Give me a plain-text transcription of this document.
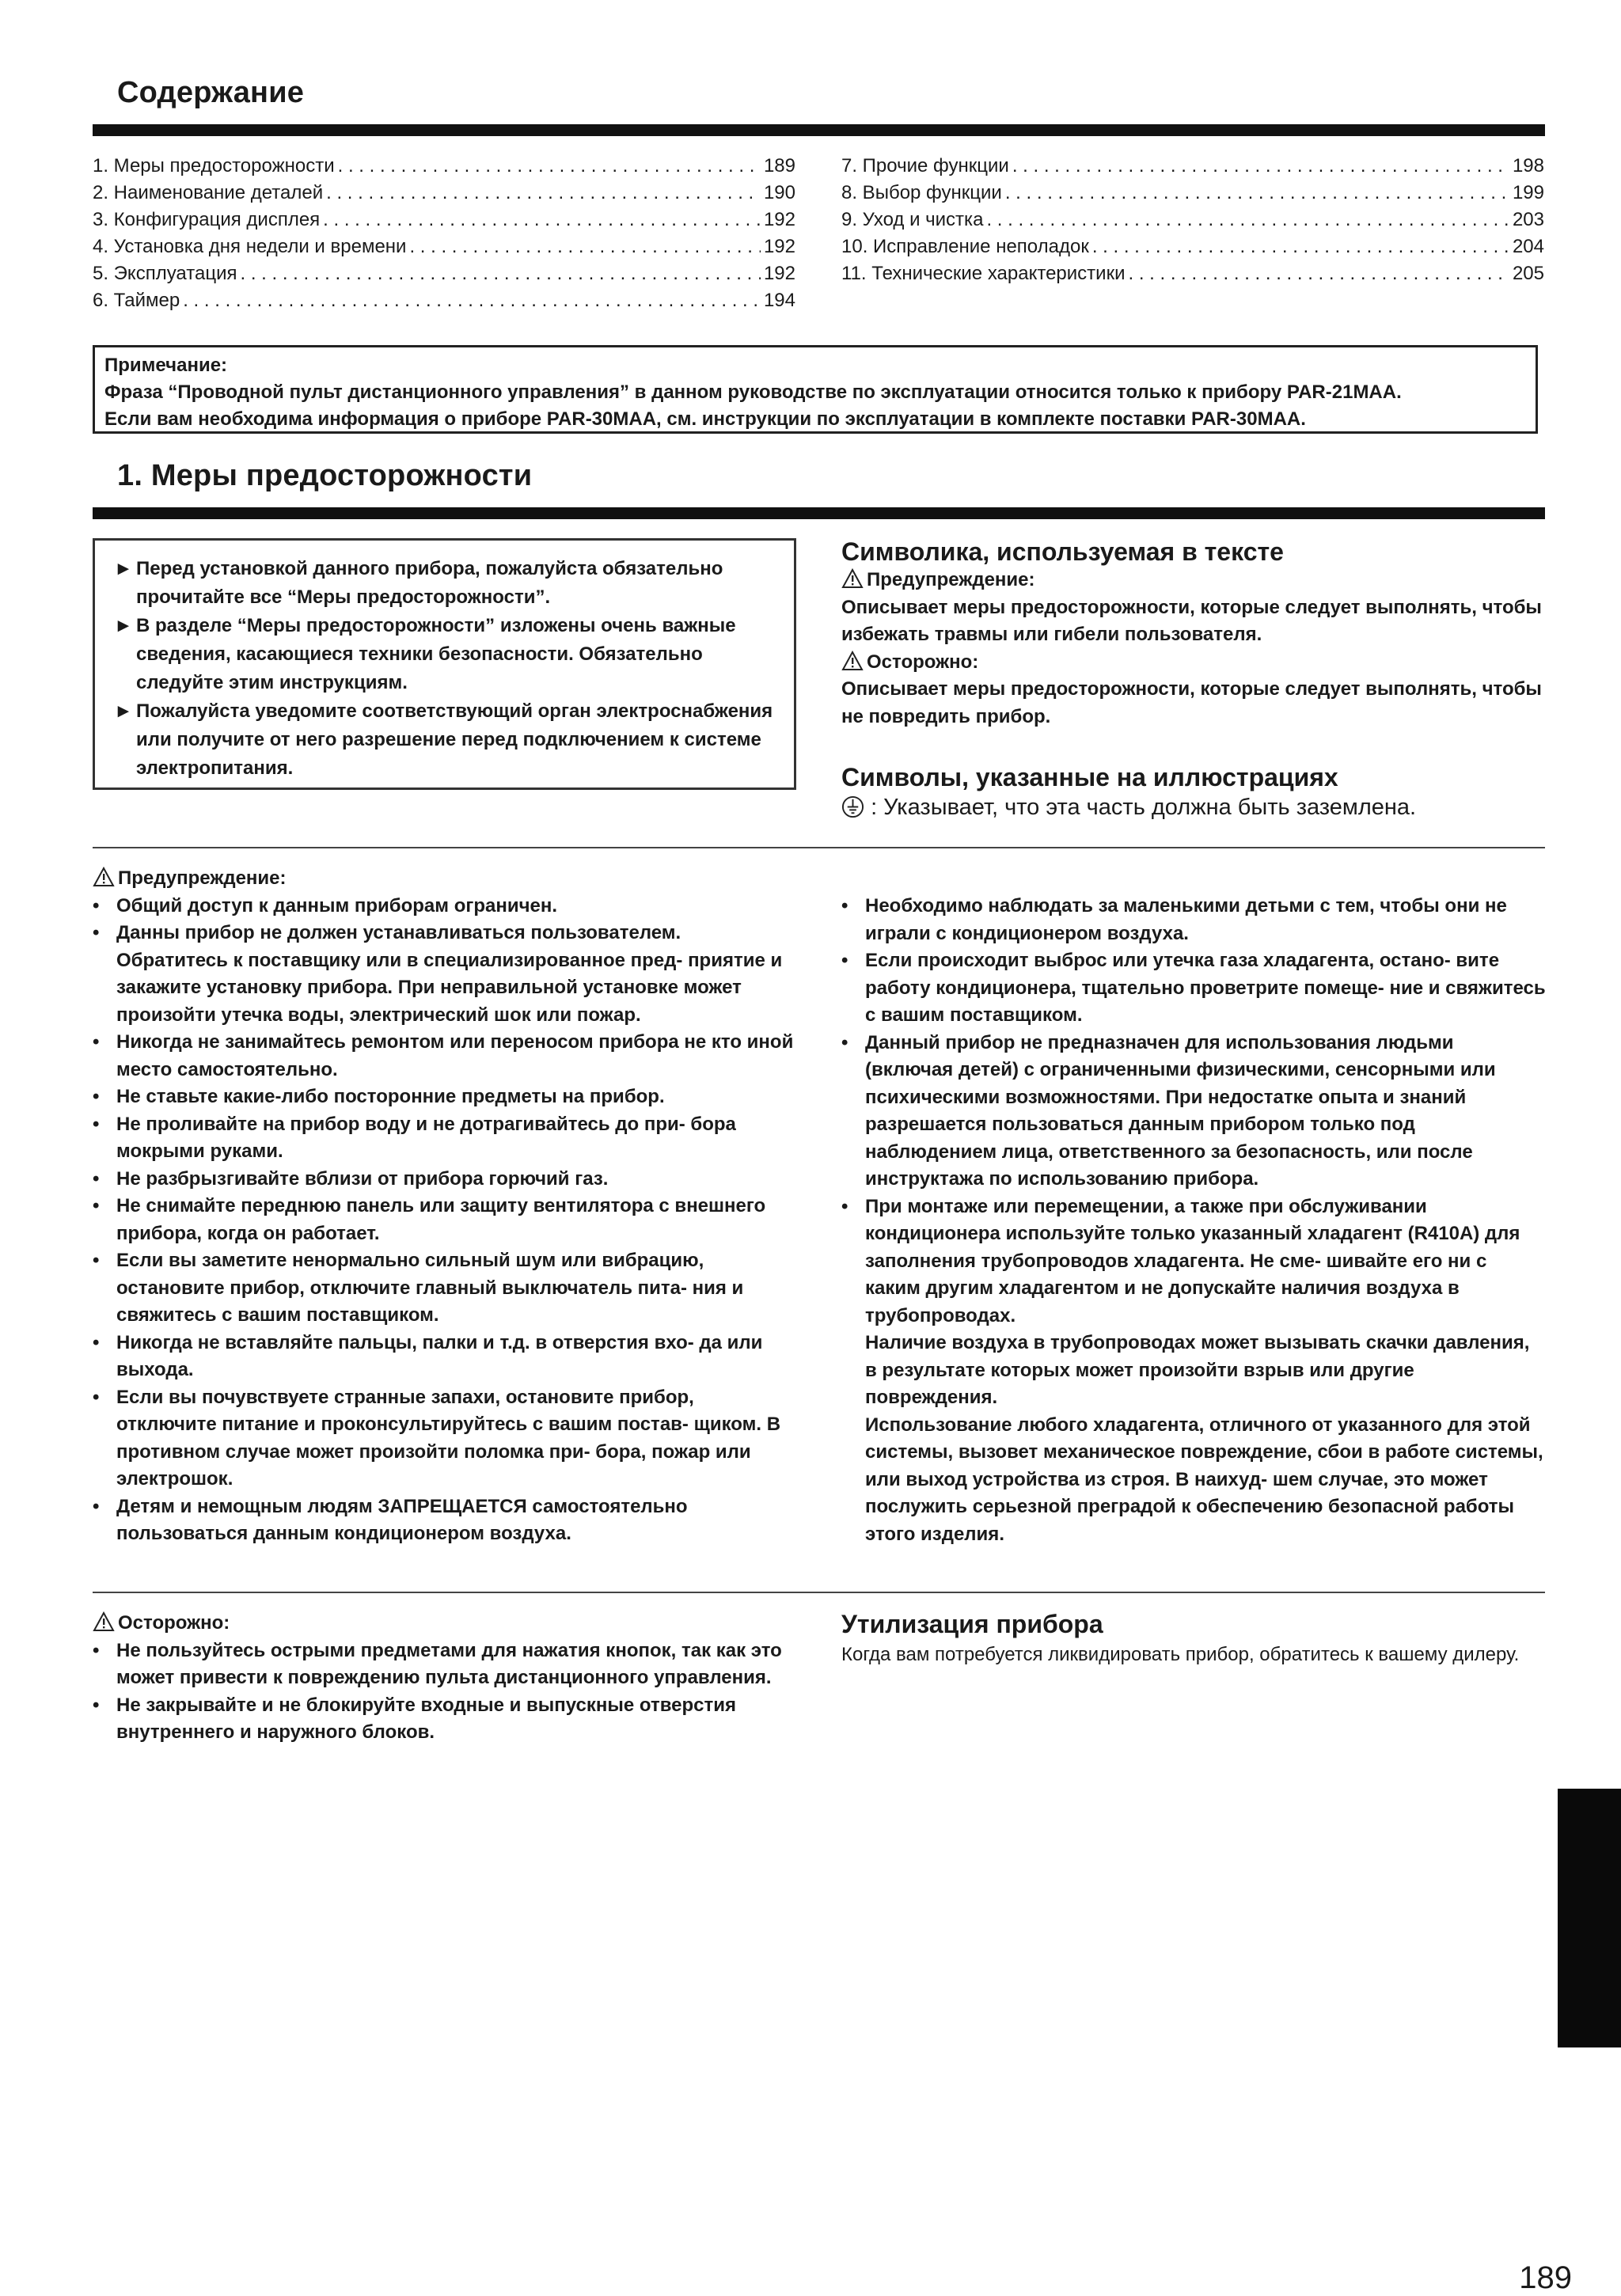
Содержание
1. Меры предосторожности . . .	189
2. Наименование деталей . . .	190
3. Конфигурация дисплея . . .	192
4. Установка дня недели и времени . . .	192
5. Эксплуатация . . .	192
6. Таймер . . .	194
7. Прочие функции . . .	198
8. Выбор функции . . .	199
9. Уход и чистка . . .	203
10. Исправление неполадок . . .	204
11. Технические характеристики . . .	205
Примечание:
Фраза “Проводной пульт дистанционного управления” в данном руководстве по эксплуатации относится только к прибору PAR-21MAA.
Если вам необходима информация о приборе PAR-30MAA, см. инструкции по эксплуатации в комплекте поставки PAR-30MAA.
1. Меры предосторожности
► Перед установкой данного прибора, пожалуйста обязательно прочитайте все “Меры предосторожности”.
► В разделе “Меры предосторожности” изложены очень важные сведения, касающиеся техники безопасности. Обязательно следуйте этим инструкциям.
► Пожалуйста уведомите соответствующий орган электроснабжения или получите от него разрешение перед подключением к системе электропитания.
Символика, используемая в тексте
Предупреждение:
Описывает меры предосторожности, которые следует выполнять, чтобы избежать травмы или гибели пользователя.
Осторожно:
Описывает меры предосторожности, которые следует выполнять, чтобы не повредить прибор.
Символы, указанные на иллюстрациях
: Указывает, что эта часть должна быть заземлена.
Предупреждение:
• Общий доступ к данным приборам ограничен.
• Данны прибор не должен устанавливаться пользователем. Обратитесь к поставщику или в специализированное пред- приятие и закажите установку прибора. При неправильной установке может произойти утечка воды, электрический шок или пожар.
• Никогда не занимайтесь ремонтом или переносом прибора не кто иной место самостоятельно.
• Не ставьте какие-либо посторонние предметы на прибор.
• Не проливайте на прибор воду и не дотрагивайтесь до при- бора мокрыми руками.
• Не разбрызгивайте вблизи от прибора горючий газ.
• Не снимайте переднюю панель или защиту вентилятора с внешнего прибора, когда он работает.
• Если вы заметите ненормально сильный шум или вибрацию, остановите прибор, отключите главный выключатель пита- ния и свяжитесь с вашим поставщиком.
• Никогда не вставляйте пальцы, палки и т.д. в отверстия вхо- да или выхода.
• Если вы почувствуете странные запахи, остановите прибор, отключите питание и проконсультируйтесь с вашим постав- щиком. В противном случае может произойти поломка при- бора, пожар или электрошок.
• Детям и немощным людям ЗАПРЕЩАЕТСЯ самостоятельно пользоваться данным кондиционером воздуха.
• Необходимо наблюдать за маленькими детьми с тем, чтобы они не играли с кондиционером воздуха.
• Если происходит выброс или утечка газа хладагента, остано- вите работу кондиционера, тщательно проветрите помеще- ние и свяжитесь с вашим поставщиком.
• Данный прибор не предназначен для использования людьми (включая детей) с ограниченными физическими, сенсорными или психическими возможностями. При недостатке опыта и знаний разрешается пользоваться данным прибором только под наблюдением лица, ответственного за безопасность, или после инструктажа по использованию прибора.
• При монтаже или перемещении, а также при обслуживании кондиционера используйте только указанный хладагент (R410A) для заполнения трубопроводов хладагента. Не сме- шивайте его ни с каким другим хладагентом и не допускайте наличия воздуха в трубопроводах.
Наличие воздуха в трубопроводах может вызывать скачки давления, в результате которых может произойти взрыв или другие повреждения.
Использование любого хладагента, отличного от указанного для этой системы, вызовет механическое повреждение, сбои в работе системы, или выход устройства из строя. В наихуд- шем случае, это может послужить серьезной преградой к обеспечению безопасной работы этого изделия.
Осторожно:
• Не пользуйтесь острыми предметами для нажатия кнопок, так как это может привести к повреждению пульта дистанционного управления.
• Не закрывайте и не блокируйте входные и выпускные отверстия внутреннего и наружного блоков.
Утилизация прибора
Когда вам потребуется ликвидировать прибор, обратитесь к вашему дилеру.
189
